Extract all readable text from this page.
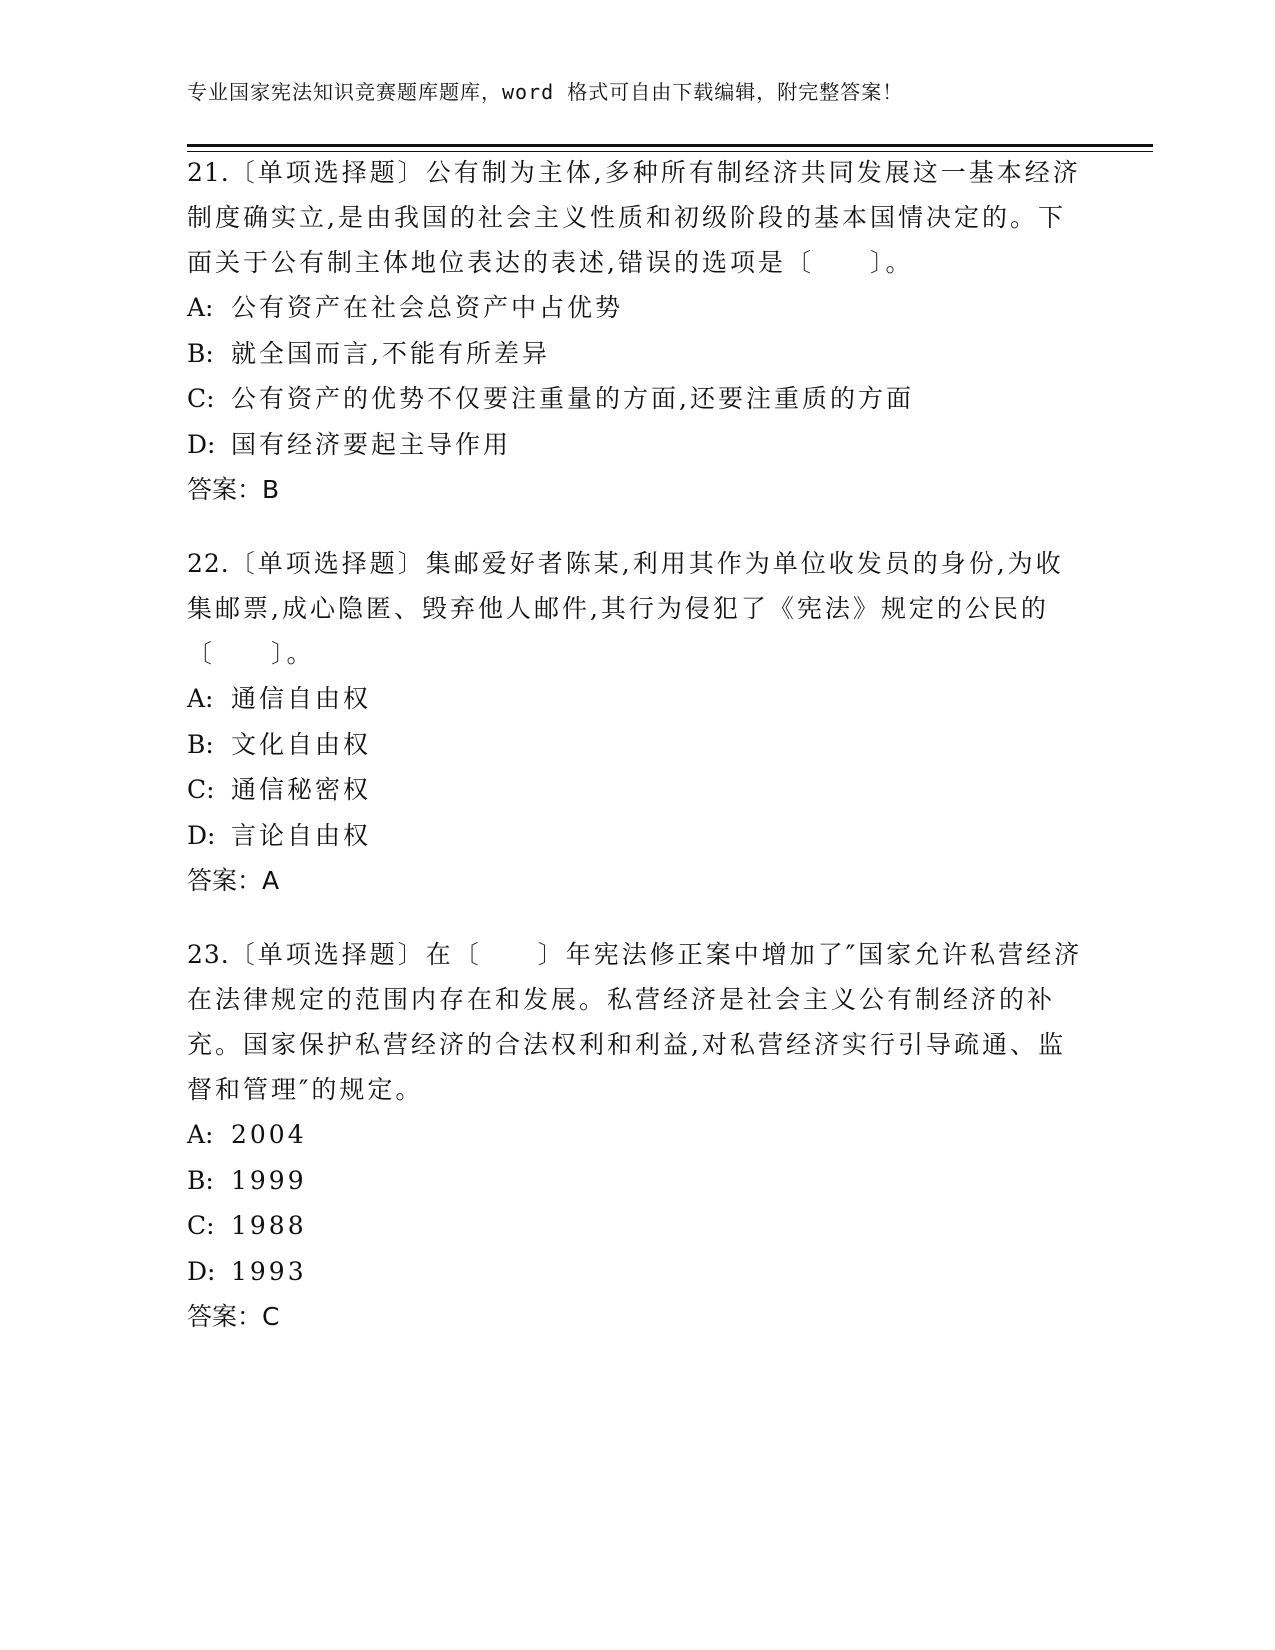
专业国家宪法知识竞赛题库题库，word 格式可自由下载编辑，附完整答案！

21.〔单项选择题〕公有制为主体,多种所有制经济共同发展这一基本经济制度确实立,是由我国的社会主义性质和初级阶段的基本国情决定的。下面关于公有制主体地位表达的表述,错误的选项是〔　　〕。

A: 公有资产在社会总资产中占优势

B: 就全国而言,不能有所差异

C: 公有资产的优势不仅要注重量的方面,还要注重质的方面

D: 国有经济要起主导作用

答案：B

22.〔单项选择题〕集邮爱好者陈某,利用其作为单位收发员的身份,为收集邮票,成心隐匿、毁弃他人邮件,其行为侵犯了《宪法》规定的公民的〔　　〕。

A: 通信自由权

B: 文化自由权

C: 通信秘密权

D: 言论自由权

答案：A

23.〔单项选择题〕在〔　　〕年宪法修正案中增加了″国家允许私营经济在法律规定的范围内存在和发展。私营经济是社会主义公有制经济的补充。国家保护私营经济的合法权利和利益,对私营经济实行引导疏通、监督和管理″的规定。

A: 2004

B: 1999

C: 1988

D: 1993

答案：C
